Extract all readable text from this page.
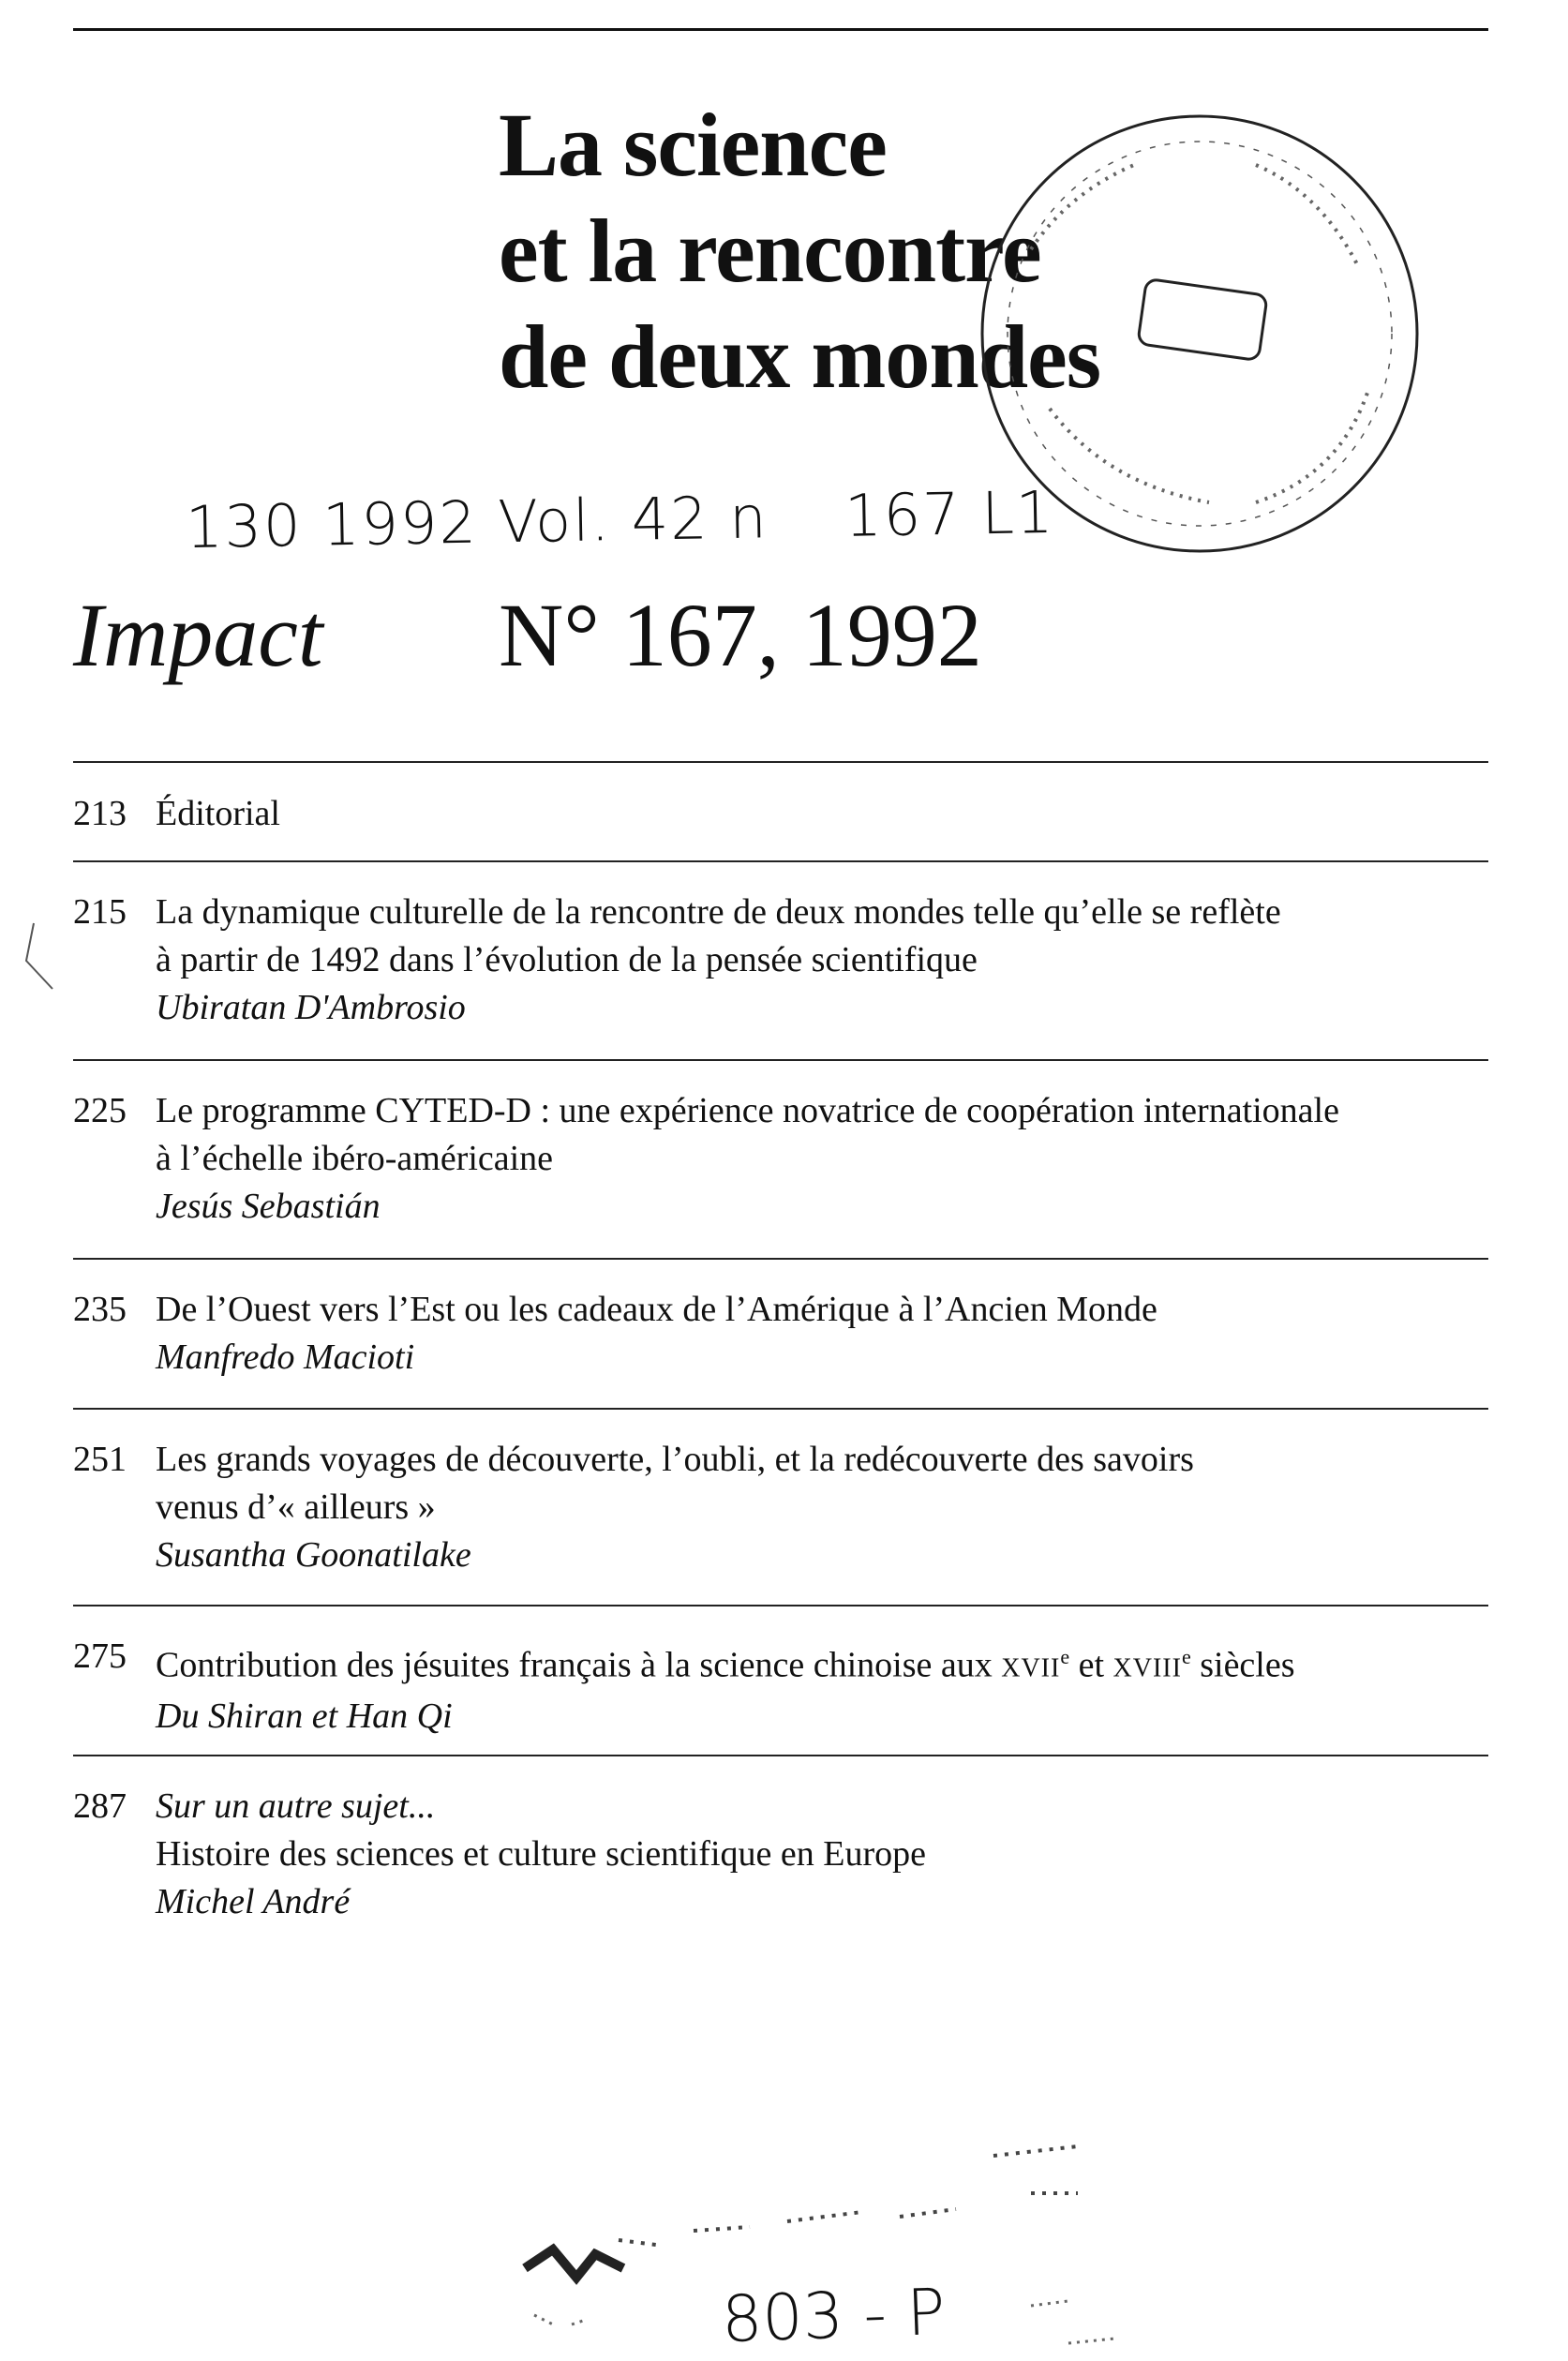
La science
et la rencontre
de deux mondes
130 1992 Vol. 42 n 167 L1
Impact N° 167, 1992
213 Éditorial
215 La dynamique culturelle de la rencontre de deux mondes telle qu’elle se reflète
à partir de 1492 dans l’évolution de la pensée scientifique
Ubiratan D'Ambrosio
225 Le programme CYTED-D : une expérience novatrice de coopération internationale
à l’échelle ibéro-américaine
Jesús Sebastián
235 De l’Ouest vers l’Est ou les cadeaux de l’Amérique à l’Ancien Monde
Manfredo Macioti
251 Les grands voyages de découverte, l’oubli, et la redécouverte des savoirs
venus d’« ailleurs »
Susantha Goonatilake
275 Contribution des jésuites français à la science chinoise aux XVIIe et XVIIIe siècles
Du Shiran et Han Qi
287 Sur un autre sujet...
Histoire des sciences et culture scientifique en Europe
Michel André
803 - P
